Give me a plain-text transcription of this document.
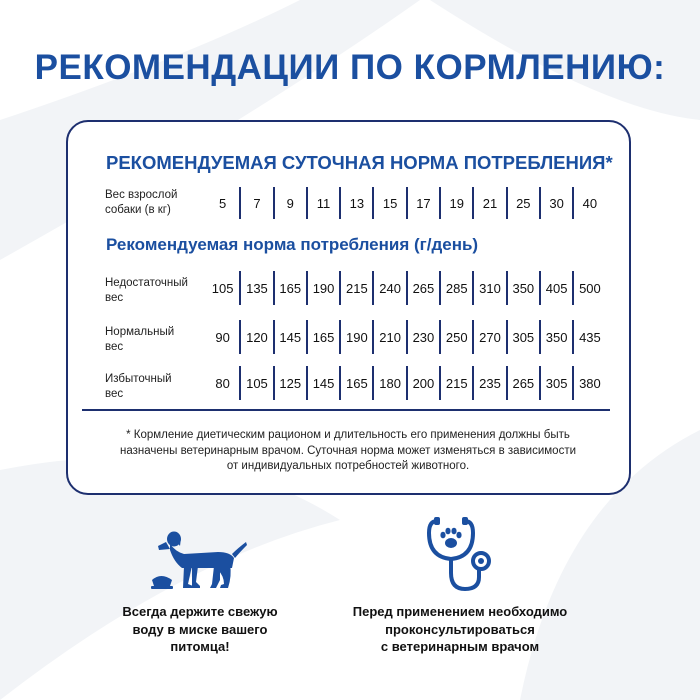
РЕКОМЕНДАЦИИ ПО КОРМЛЕНИЮ:
РЕКОМЕНДУЕМАЯ СУТОЧНАЯ НОРМА ПОТРЕБЛЕНИЯ*
Вес взрослой
собаки (в кг)	5	7	9	11	13	15	17	19	21	25	30	40
Рекомендуемая норма потребления (г/день)
Недостаточный
вес
105 135 165 190 215 240 265 285 310 350 405 500
Нормальный
вес
90	120 145 165 190 210 230 250 270 305 350 435
Избыточный
вес
80	105 125 145 165 180 200 215 235 265 305 380
* Кормление диетическим рационом и длительность его применения должны быть
назначены ветеринарным врачом. Суточная норма может изменяться в зависимости
от индивидуальных потребностей животного.
Всегда держите свежую
воду в миске вашего
питомца!
Перед применением необходимо
проконсультироваться
с ветеринарным врачом
